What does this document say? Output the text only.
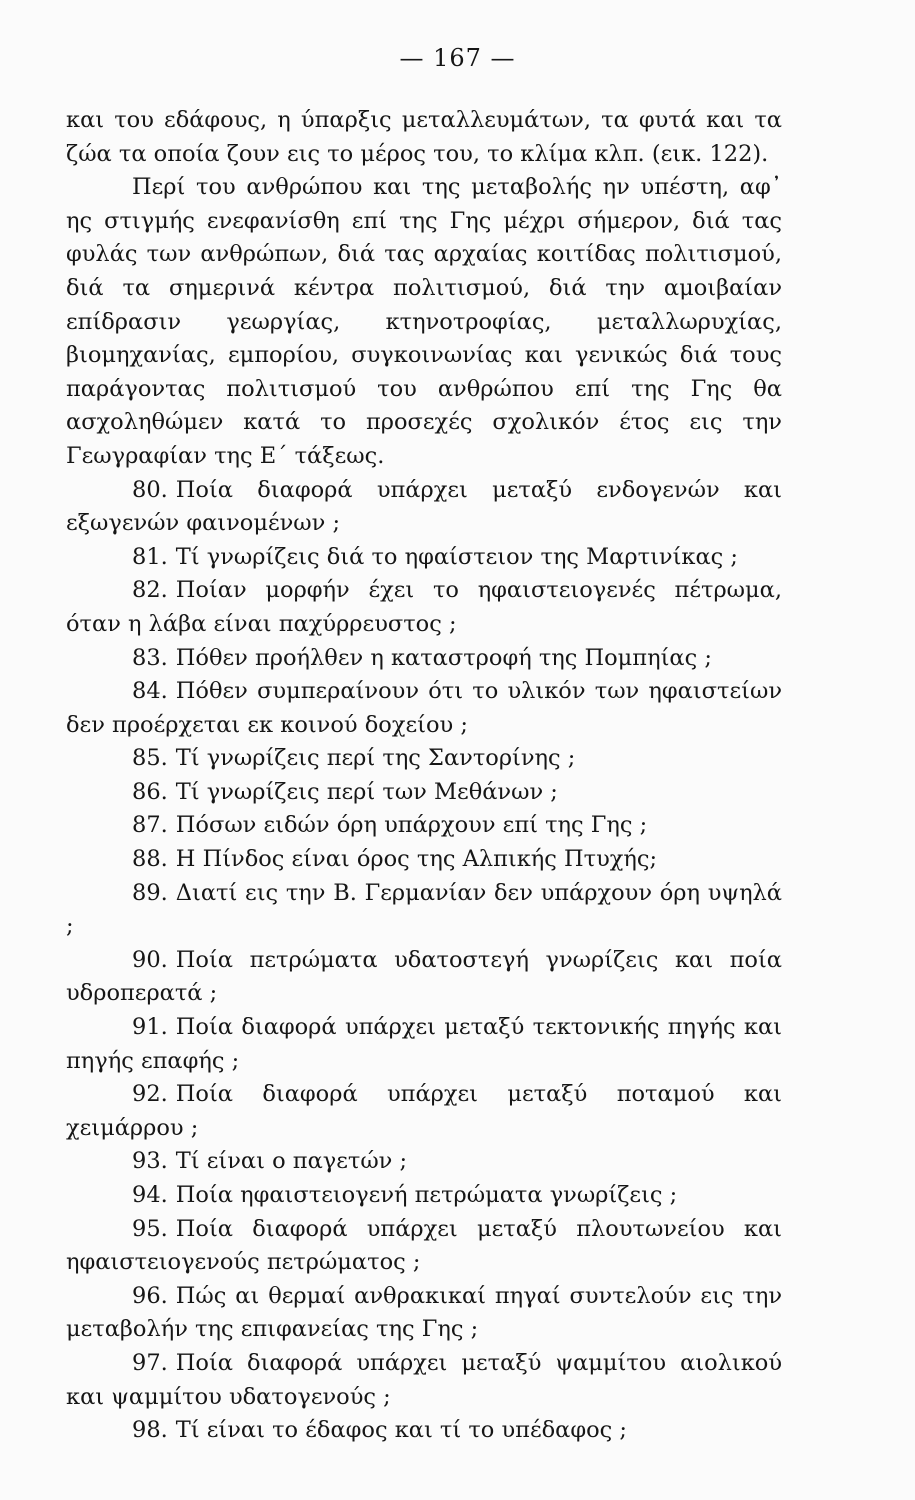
— 167 —

και του εδάφους, η ύπαρξις μεταλλευμάτων, τα φυτά και τα ζώα τα οποία ζουν εις το μέρος του, το κλίμα κλπ. (εικ. 122).

Περί του ανθρώπου και της μεταβολής ην υπέστη, αφ᾿ ης στιγμής ενεφανίσθη επί της Γης μέχρι σήμερον, διά τας φυλάς των ανθρώπων, διά τας αρχαίας κοιτίδας πολιτισμού, διά τα σημερινά κέντρα πολιτισμού, διά την αμοιβαίαν επίδρασιν γεωργίας, κτηνοτροφίας, μεταλλωρυχίας, βιομηχανίας, εμπορίου, συγκοινωνίας και γενικώς διά τους παράγοντας πολιτισμού του ανθρώπου επί της Γης θα ασχοληθώμεν κατά το προσεχές σχολικόν έτος εις την Γεωγραφίαν της Ε´ τάξεως.

80. Ποία διαφορά υπάρχει μεταξύ ενδογενών και εξωγενών φαινομένων ;

81. Τί γνωρίζεις διά το ηφαίστειον της Μαρτινίκας ;

82. Ποίαν μορφήν έχει το ηφαιστειογενές πέτρωμα, όταν η λάβα είναι παχύρρευστος ;

83. Πόθεν προήλθεν η καταστροφή της Πομπηίας ;

84. Πόθεν συμπεραίνουν ότι το υλικόν των ηφαιστείων δεν προέρχεται εκ κοινού δοχείου ;

85. Τί γνωρίζεις περί της Σαντορίνης ;

86. Τί γνωρίζεις περί των Μεθάνων ;

87. Πόσων ειδών όρη υπάρχουν επί της Γης ;

88. Η Πίνδος είναι όρος της Αλπικής Πτυχής;

89. Διατί εις την Β. Γερμανίαν δεν υπάρχουν όρη υψηλά ;

90. Ποία πετρώματα υδατοστεγή γνωρίζεις και ποία υδροπερατά ;

91. Ποία διαφορά υπάρχει μεταξύ τεκτονικής πηγής και πηγής επαφής ;

92. Ποία διαφορά υπάρχει μεταξύ ποταμού και χειμάρρου ;

93. Τί είναι ο παγετών ;

94. Ποία ηφαιστειογενή πετρώματα γνωρίζεις ;

95. Ποία διαφορά υπάρχει μεταξύ πλουτωνείου και ηφαιστειογενούς πετρώματος ;

96. Πώς αι θερμαί ανθρακικαί πηγαί συντελούν εις την μεταβολήν της επιφανείας της Γης ;

97. Ποία διαφορά υπάρχει μεταξύ ψαμμίτου αιολικού και ψαμμίτου υδατογενούς ;

98. Τί είναι το έδαφος και τί το υπέδαφος ;
